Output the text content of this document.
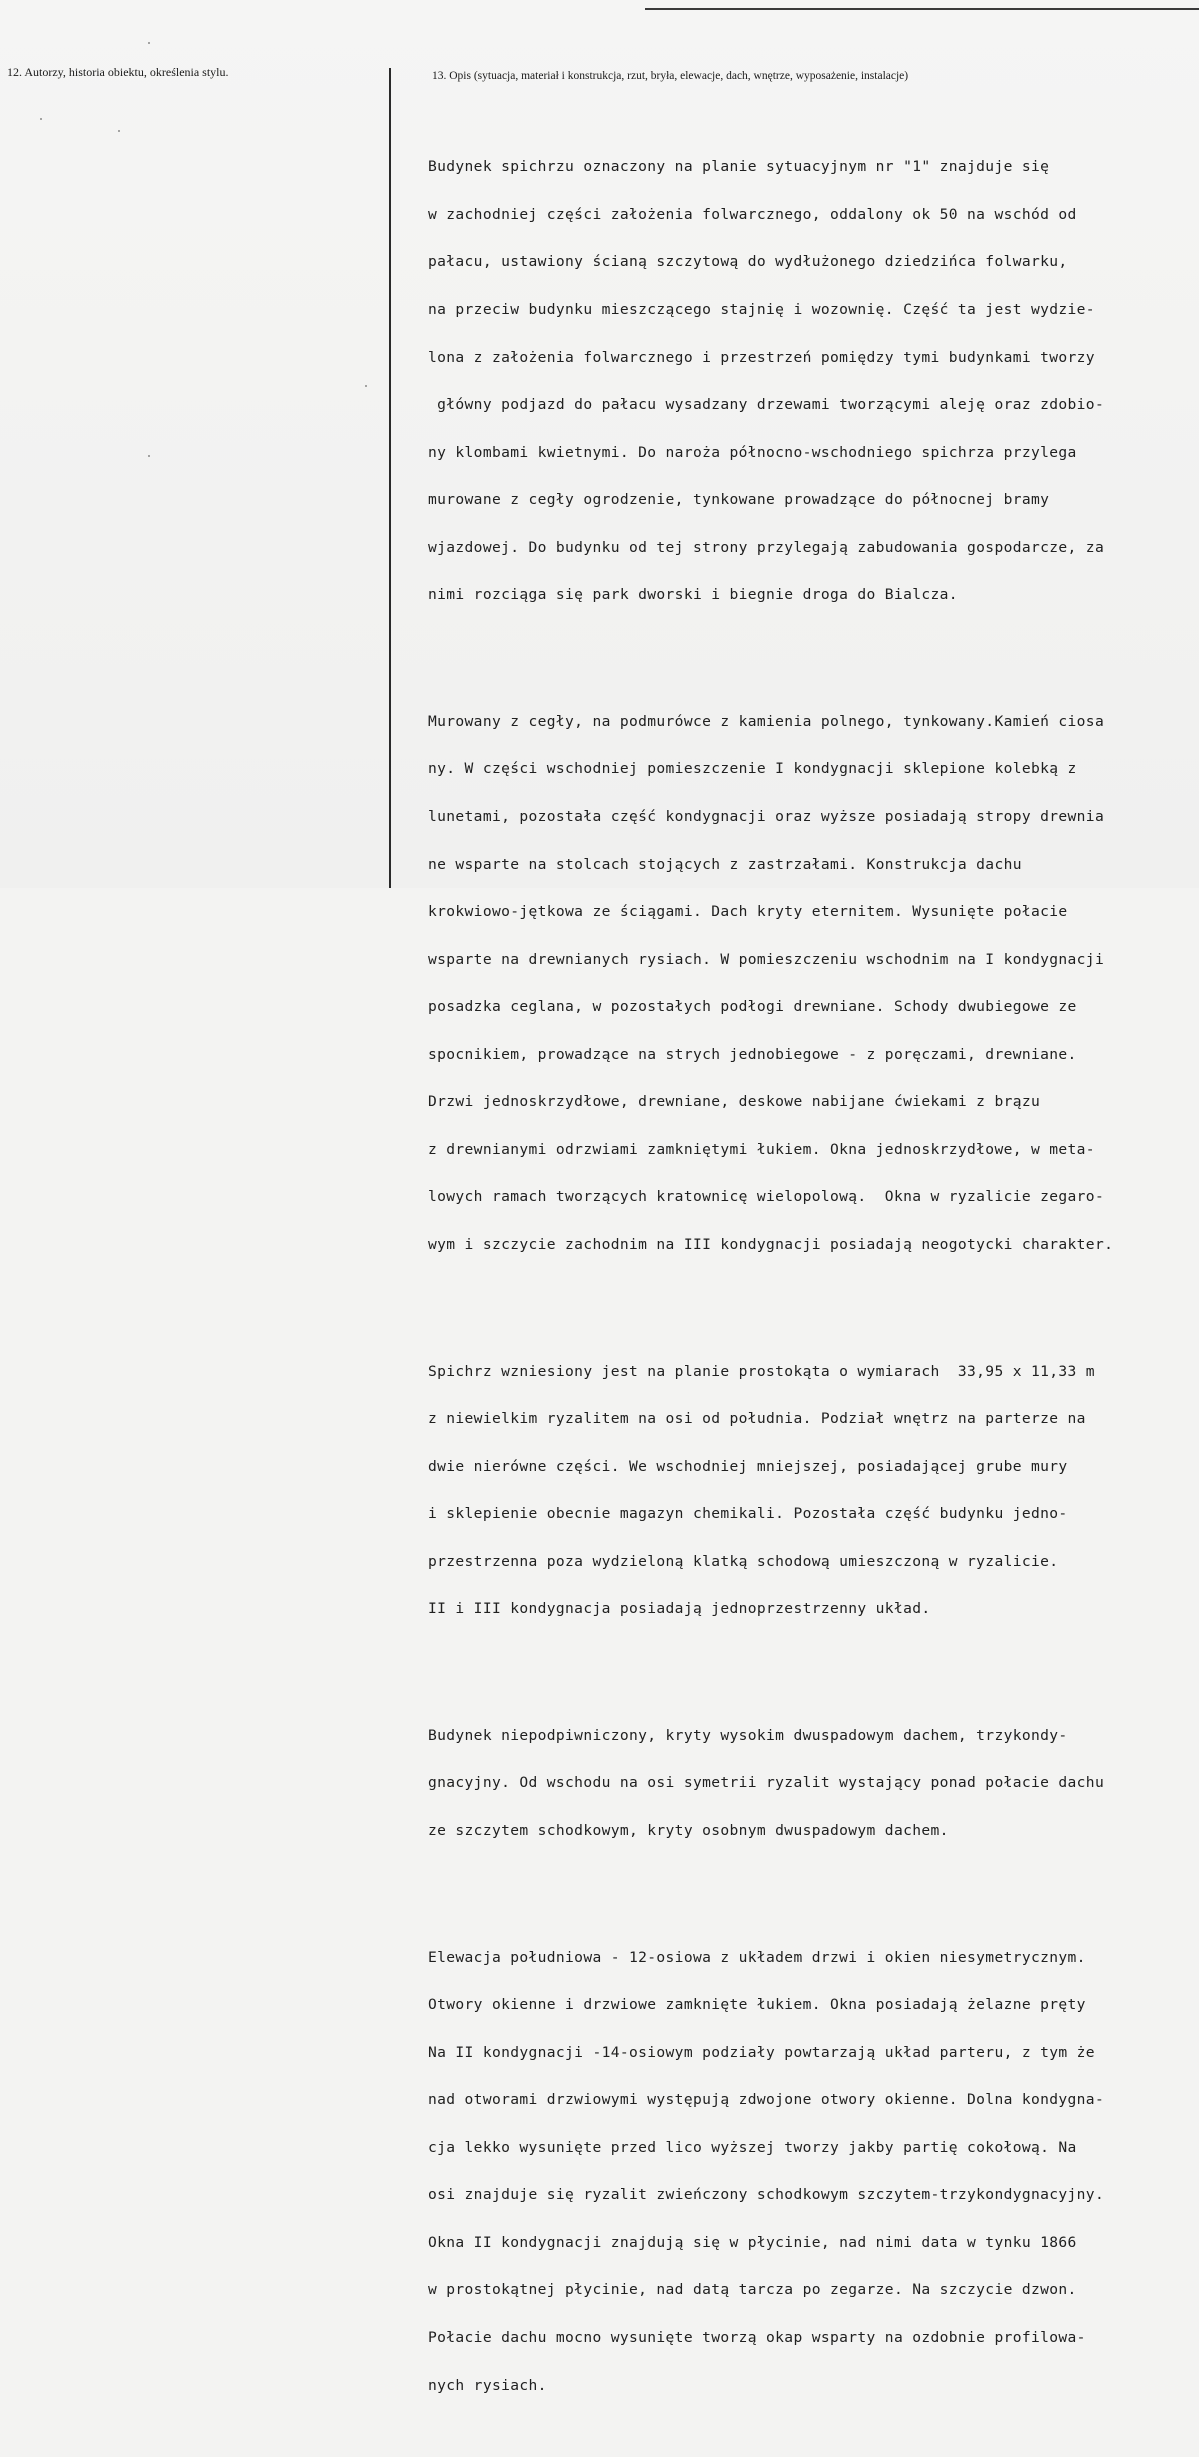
12. Autorzy, historia obiektu, określenia stylu.	13. Opis (sytuacja, materiał i konstrukcja, rzut, bryła, elewacje, dach, wnętrze, wyposażenie, instalacje)

Budynek spichrzu oznaczony na planie sytuacyjnym nr "1" znajduje się

w zachodniej części założenia folwarcznego, oddalony ok 50 na wschód od

pałacu, ustawiony ścianą szczytową do wydłużonego dziedzińca folwarku,

na przeciw budynku mieszczącego stajnię i wozownię. Część ta jest wydzie-

lona z założenia folwarcznego i przestrzeń pomiędzy tymi budynkami tworzy

główny podjazd do pałacu wysadzany drzewami tworzącymi aleję oraz zdobio-

ny klombami kwietnymi. Do naroża północno-wschodniego spichrza przylega

murowane z cegły ogrodzenie, tynkowane prowadzące do północnej bramy

wjazdowej. Do budynku od tej strony przylegają zabudowania gospodarcze, za

nimi rozciąga się park dworski i biegnie droga do Bialcza.

Murowany z cegły, na podmurówce z kamienia polnego, tynkowany.Kamień ciosa

ny. W części wschodniej pomieszczenie I kondygnacji sklepione kolebką z

lunetami, pozostała część kondygnacji oraz wyższe posiadają stropy drewnia

ne wsparte na stolcach stojących z zastrzałami. Konstrukcja dachu

krokwiowo-jętkowa ze ściągami. Dach kryty eternitem. Wysunięte połacie

wsparte na drewnianych rysiach. W pomieszczeniu wschodnim na I kondygnacji

posadzka ceglana, w pozostałych podłogi drewniane. Schody dwubiegowe ze

spocnikiem, prowadzące na strych jednobiegowe - z poręczami, drewniane.

Drzwi jednoskrzydłowe, drewniane, deskowe nabijane ćwiekami z brązu

z drewnianymi odrzwiami zamkniętymi łukiem. Okna jednoskrzydłowe, w meta-

lowych ramach tworzących kratownicę wielopolową.  Okna w ryzalicie zegaro-

wym i szczycie zachodnim na III kondygnacji posiadają neogotycki charakter.

Spichrz wzniesiony jest na planie prostokąta o wymiarach  33,95 x 11,33 m

z niewielkim ryzalitem na osi od południa. Podział wnętrz na parterze na

dwie nierówne części. We wschodniej mniejszej, posiadającej grube mury

i sklepienie obecnie magazyn chemikali. Pozostała część budynku jedno-

przestrzenna poza wydzieloną klatką schodową umieszczoną w ryzalicie.

II i III kondygnacja posiadają jednoprzestrzenny układ.

Budynek niepodpiwniczony, kryty wysokim dwuspadowym dachem, trzykondy-

gnacyjny. Od wschodu na osi symetrii ryzalit wystający ponad połacie dachu

ze szczytem schodkowym, kryty osobnym dwuspadowym dachem.

Elewacja południowa - 12-osiowa z układem drzwi i okien niesymetrycznym.

Otwory okienne i drzwiowe zamknięte łukiem. Okna posiadają żelazne pręty

Na II kondygnacji -14-osiowym podziały powtarzają układ parteru, z tym że

nad otworami drzwiowymi występują zdwojone otwory okienne. Dolna kondygna-

cja lekko wysunięte przed lico wyższej tworzy jakby partię cokołową. Na

osi znajduje się ryzalit zwieńczony schodkowym szczytem-trzykondygnacyjny.

Okna II kondygnacji znajdują się w płycinie, nad nimi data w tynku 1866

w prostokątnej płycinie, nad datą tarcza po zegarze. Na szczycie dzwon.

Połacie dachu mocno wysunięte tworzą okap wsparty na ozdobnie profilowa-

nych rysiach.
